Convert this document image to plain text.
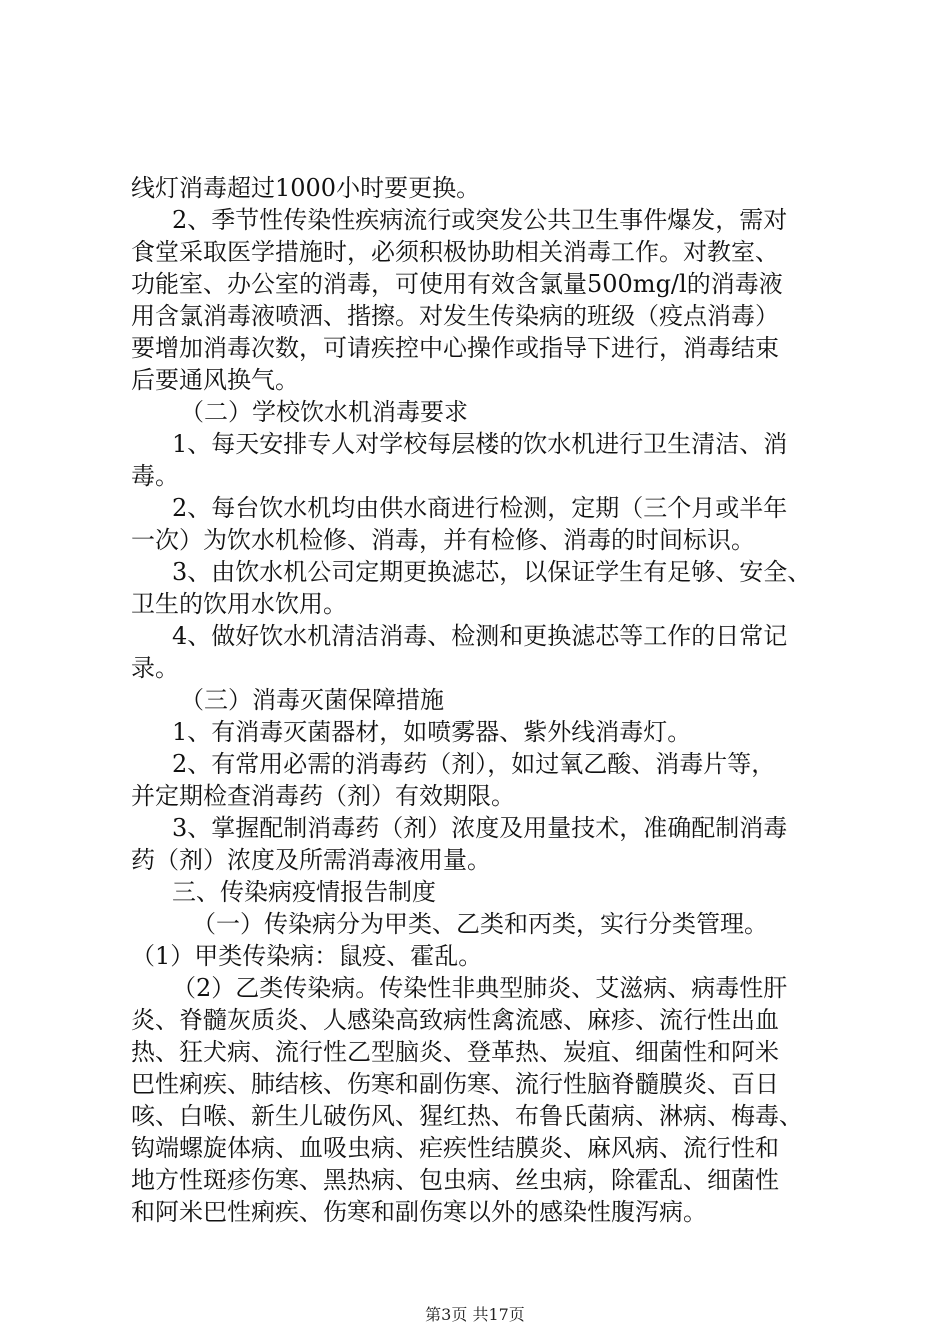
线灯消毒超过1000小时要更换。
2、季节性传染性疾病流行或突发公共卫生事件爆发，需对
食堂采取医学措施时，必须积极协助相关消毒工作。对教室、
功能室、办公室的消毒，可使用有效含氯量500mg/l的消毒液
用含氯消毒液喷洒、揩擦。对发生传染病的班级（疫点消毒）
要增加消毒次数，可请疾控中心操作或指导下进行，消毒结束
后要通风换气。
（二）学校饮水机消毒要求
1、每天安排专人对学校每层楼的饮水机进行卫生清洁、消
毒。
2、每台饮水机均由供水商进行检测，定期（三个月或半年
一次）为饮水机检修、消毒，并有检修、消毒的时间标识。
3、由饮水机公司定期更换滤芯，以保证学生有足够、安全、
卫生的饮用水饮用。
4、做好饮水机清洁消毒、检测和更换滤芯等工作的日常记
录。
（三）消毒灭菌保障措施
1、有消毒灭菌器材，如喷雾器、紫外线消毒灯。
2、有常用必需的消毒药（剂），如过氧乙酸、消毒片等，
并定期检查消毒药（剂）有效期限。
3、掌握配制消毒药（剂）浓度及用量技术，准确配制消毒
药（剂）浓度及所需消毒液用量。
三、传染病疫情报告制度
（一）传染病分为甲类、乙类和丙类，实行分类管理。
（1）甲类传染病：鼠疫、霍乱。
（2）乙类传染病。传染性非典型肺炎、艾滋病、病毒性肝
炎、脊髓灰质炎、人感染高致病性禽流感、麻疹、流行性出血
热、狂犬病、流行性乙型脑炎、登革热、炭疽、细菌性和阿米
巴性痢疾、肺结核、伤寒和副伤寒、流行性脑脊髓膜炎、百日
咳、白喉、新生儿破伤风、猩红热、布鲁氏菌病、淋病、梅毒、
钩端螺旋体病、血吸虫病、疟疾性结膜炎、麻风病、流行性和
地方性斑疹伤寒、黑热病、包虫病、丝虫病，除霍乱、细菌性
和阿米巴性痢疾、伤寒和副伤寒以外的感染性腹泻病。
第3页 共17页
